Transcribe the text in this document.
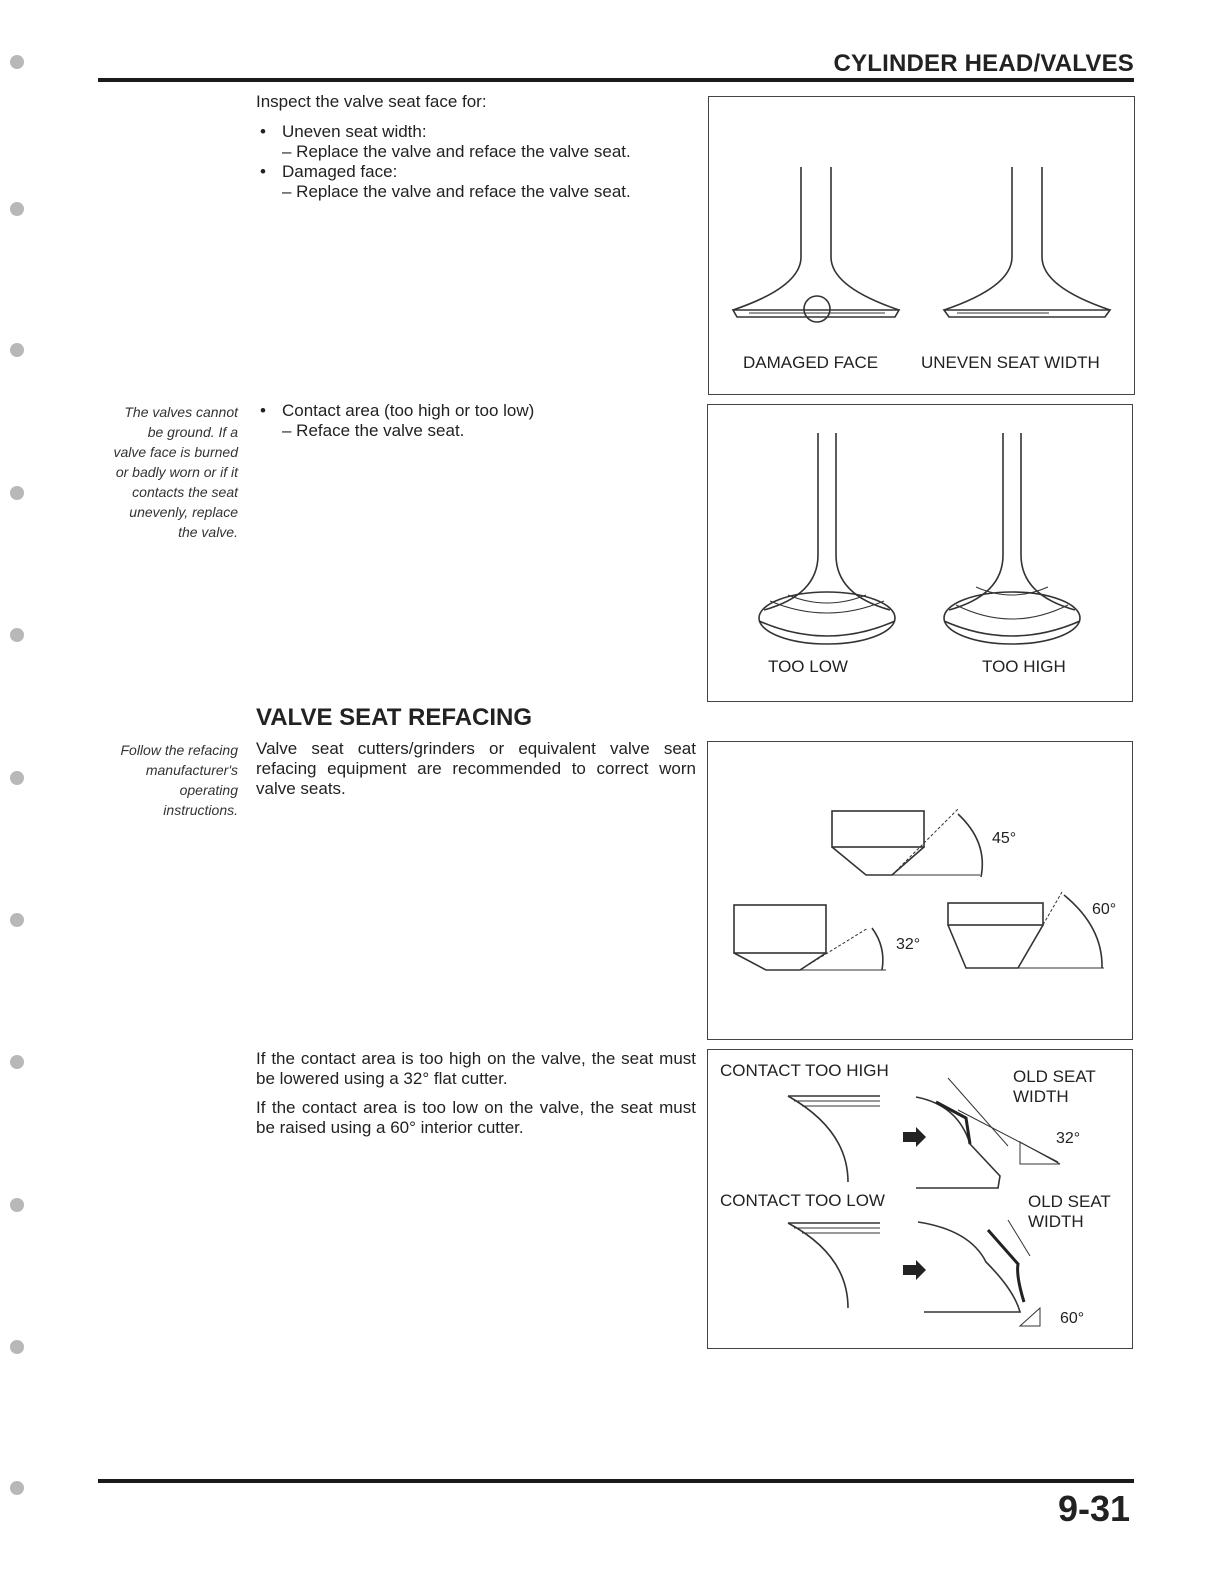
CYLINDER HEAD/VALVES
Inspect the valve seat face for:
• Uneven seat width:
– Replace the valve and reface the valve seat.
• Damaged face:
– Replace the valve and reface the valve seat.
The valves cannot
be ground. If a
valve face is burned
or badly worn or if it
contacts the seat
unevenly, replace
the valve.
• Contact area (too high or too low)
– Reface the valve seat.
VALVE SEAT REFACING
Follow the refacing
manufacturer's
operating
instructions.
Valve seat cutters/grinders or equivalent valve seat refacing equipment are recommended to correct worn valve seats.
If the contact area is too high on the valve, the seat must be lowered using a 32° flat cutter.
If the contact area is too low on the valve, the seat must be raised using a 60° interior cutter.
DAMAGED FACE	UNEVEN SEAT WIDTH
TOO LOW	TOO HIGH
45°
32°
60°
CONTACT TOO HIGH	OLD SEAT
WIDTH
32°
CONTACT TOO LOW	OLD SEAT
WIDTH
60°
9-31
